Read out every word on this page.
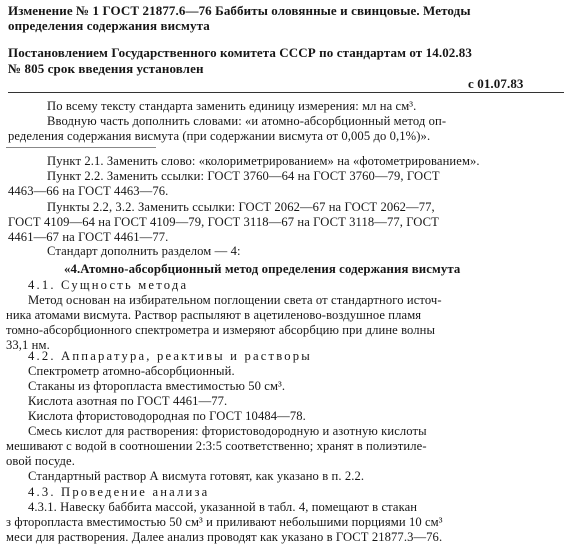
Изменение № 1 ГОСТ 21877.6—76 Баббиты оловянные и свинцовые. Методы
определения содержания висмута
Постановлением Государственного комитета СССР по стандартам от 14.02.83
№ 805 срок введения установлен
с 01.07.83
По всему тексту стандарта заменить единицу измерения: мл на см³.
Вводную часть дополнить словами: «и атомно-абсорбционный метод оп-
ределения содержания висмута (при содержании висмута от 0,005 до 0,1%)».
Пункт 2.1. Заменить слово: «колориметрированием» на «фотометрированием».
Пункт 2.2. Заменить ссылки: ГОСТ 3760—64 на ГОСТ 3760—79, ГОСТ
4463—66 на ГОСТ 4463—76.
Пункты 2.2, 3.2. Заменить ссылки: ГОСТ 2062—67 на ГОСТ 2062—77,
ГОСТ 4109—64 на ГОСТ 4109—79, ГОСТ 3118—67 на ГОСТ 3118—77, ГОСТ
4461—67 на ГОСТ 4461—77.
Стандарт дополнить разделом — 4:
«4.Атомно-абсорбционный метод определения содержания висмута
4.1. Сущность метода
Метод основан на избирательном поглощении света от стандартного источ-
ника атомами висмута. Раствор распыляют в ацетиленово-воздушное пламя
томно-абсорбционного спектрометра и измеряют абсорбцию при длине волны
33,1 нм.
4.2. Аппаратура, реактивы и растворы
Спектрометр атомно-абсорбционный.
Стаканы из фторопласта вместимостью 50 см³.
Кислота азотная по ГОСТ 4461—77.
Кислота фтористоводородная по ГОСТ 10484—78.
Смесь кислот для растворения: фтористоводородную и азотную кислоты
мешивают с водой в соотношении 2:3:5 соответственно; хранят в полиэтиле-
овой посуде.
Стандартный раствор А висмута готовят, как указано в п. 2.2.
4.3. Проведение анализа
4.3.1. Навеску баббита массой, указанной в табл. 4, помещают в стакан
з фторопласта вместимостью 50 см³ и приливают небольшими порциями 10 см³
меси для растворения. Далее анализ проводят как указано в ГОСТ 21877.3—76.
